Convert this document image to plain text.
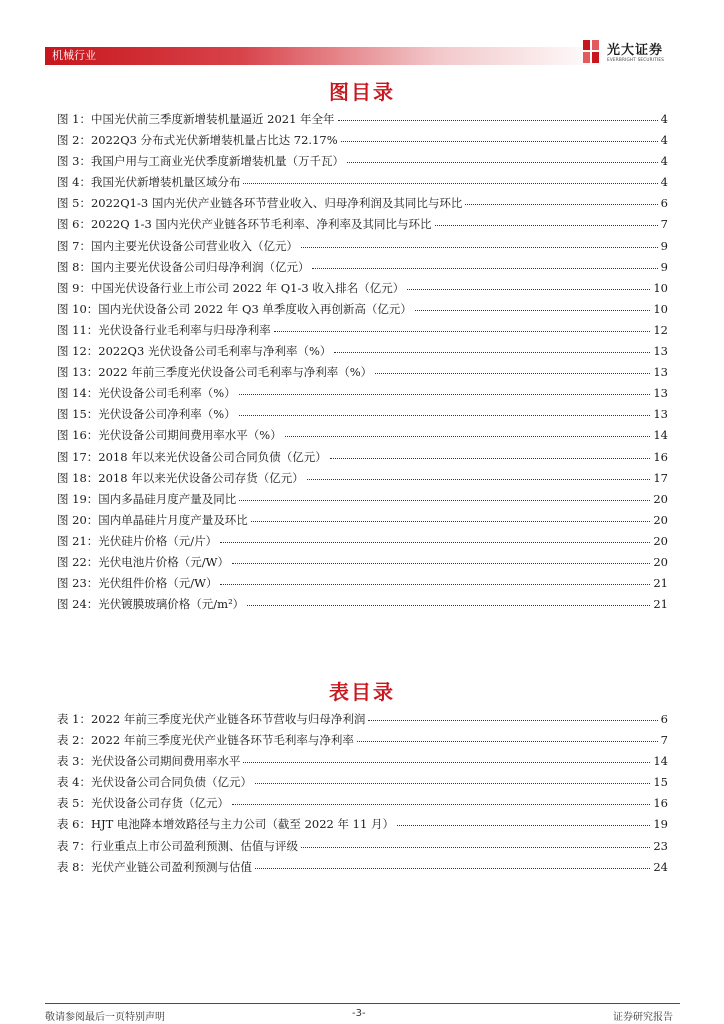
机械行业	光大证券
EVERBRIGHT SECURITIES
图目录
图 1：中国光伏前三季度新增装机量逼近 2021 年全年	4
图 2：2022Q3 分布式光伏新增装机量占比达 72.17%	4
图 3：我国户用与工商业光伏季度新增装机量（万千瓦）	4
图 4：我国光伏新增装机量区域分布	4
图 5：2022Q1-3 国内光伏产业链各环节营业收入、归母净利润及其同比与环比	6
图 6：2022Q 1-3 国内光伏产业链各环节毛利率、净利率及其同比与环比	7
图 7：国内主要光伏设备公司营业收入（亿元）	9
图 8：国内主要光伏设备公司归母净利润（亿元）	9
图 9：中国光伏设备行业上市公司 2022 年 Q1-3 收入排名（亿元）	10
图 10：国内光伏设备公司 2022 年 Q3 单季度收入再创新高（亿元）	10
图 11：光伏设备行业毛利率与归母净利率	12
图 12：2022Q3 光伏设备公司毛利率与净利率（%）	13
图 13：2022 年前三季度光伏设备公司毛利率与净利率（%）	13
图 14：光伏设备公司毛利率（%）	13
图 15：光伏设备公司净利率（%）	13
图 16：光伏设备公司期间费用率水平（%）	14
图 17：2018 年以来光伏设备公司合同负债（亿元）	16
图 18：2018 年以来光伏设备公司存货（亿元）	17
图 19：国内多晶硅月度产量及同比	20
图 20：国内单晶硅片月度产量及环比	20
图 21：光伏硅片价格（元/片）	20
图 22：光伏电池片价格（元/W）	20
图 23：光伏组件价格（元/W）	21
图 24：光伏镀膜玻璃价格（元/m²）	21
表目录
表 1：2022 年前三季度光伏产业链各环节营收与归母净利润	6
表 2：2022 年前三季度光伏产业链各环节毛利率与净利率	7
表 3：光伏设备公司期间费用率水平	14
表 4：光伏设备公司合同负债（亿元）	15
表 5：光伏设备公司存货（亿元）	16
表 6：HJT 电池降本增效路径与主力公司（截至 2022 年 11 月）	19
表 7：行业重点上市公司盈利预测、估值与评级	23
表 8：光伏产业链公司盈利预测与估值	24
敬请参阅最后一页特别声明	-3-	证券研究报告
